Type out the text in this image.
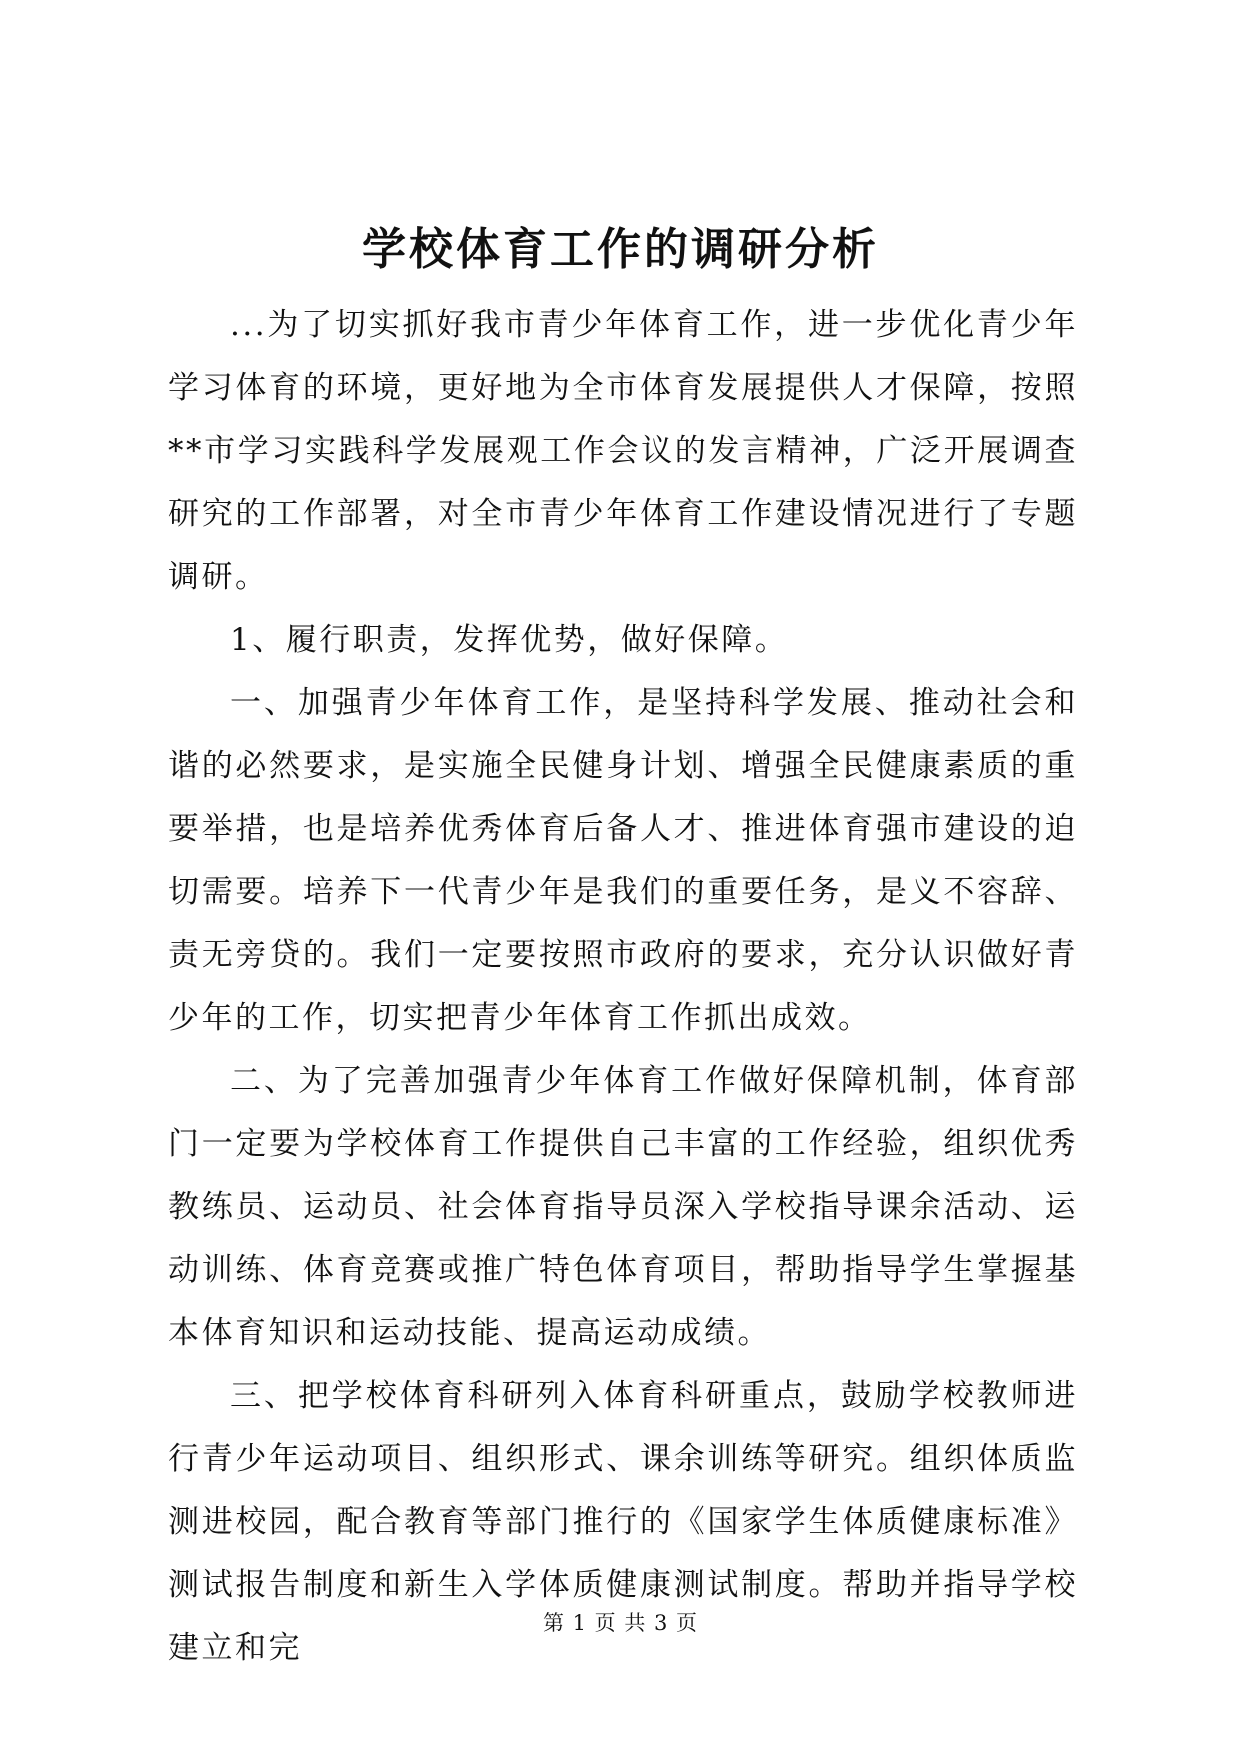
学校体育工作的调研分析

...为了切实抓好我市青少年体育工作，进一步优化青少年学习体育的环境，更好地为全市体育发展提供人才保障，按照**市学习实践科学发展观工作会议的发言精神，广泛开展调查研究的工作部署，对全市青少年体育工作建设情况进行了专题调研。

1、履行职责，发挥优势，做好保障。

一、加强青少年体育工作，是坚持科学发展、推动社会和谐的必然要求，是实施全民健身计划、增强全民健康素质的重要举措，也是培养优秀体育后备人才、推进体育强市建设的迫切需要。培养下一代青少年是我们的重要任务，是义不容辞、责无旁贷的。我们一定要按照市政府的要求，充分认识做好青少年的工作，切实把青少年体育工作抓出成效。

二、为了完善加强青少年体育工作做好保障机制，体育部门一定要为学校体育工作提供自己丰富的工作经验，组织优秀教练员、运动员、社会体育指导员深入学校指导课余活动、运动训练、体育竞赛或推广特色体育项目，帮助指导学生掌握基本体育知识和运动技能、提高运动成绩。

三、把学校体育科研列入体育科研重点，鼓励学校教师进行青少年运动项目、组织形式、课余训练等研究。组织体质监测进校园，配合教育等部门推行的《国家学生体质健康标准》测试报告制度和新生入学体质健康测试制度。帮助并指导学校建立和完

第 1 页 共 3 页
